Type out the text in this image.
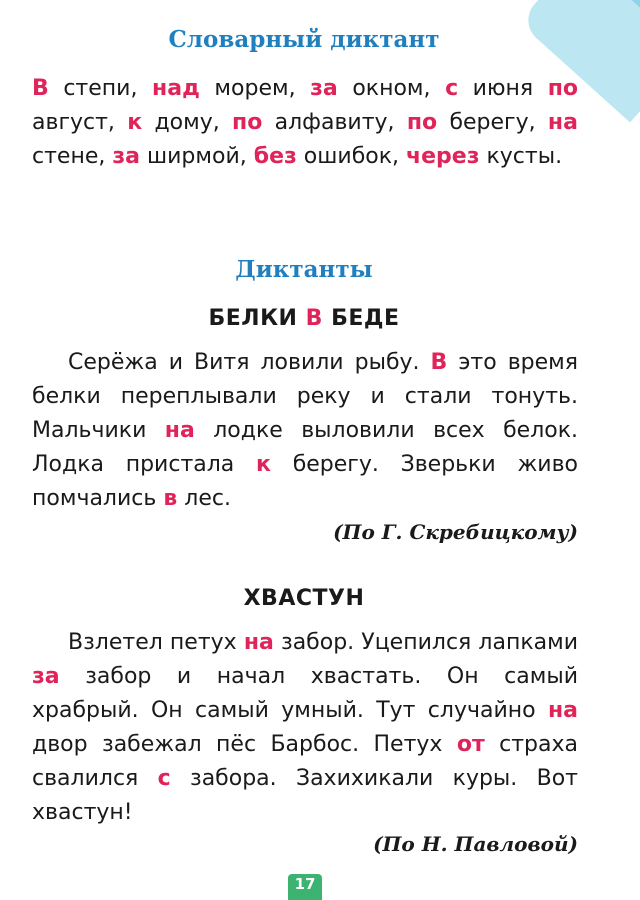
Словарный диктант

В степи, над морем, за окном, с июня по август, к дому, по алфавиту, по берегу, на стене, за ширмой, без ошибок, через кусты.

Диктанты
БЕЛКИ В БЕДЕ

Серёжа и Витя ловили рыбу. В это время белки переплывали реку и стали тонуть. Мальчики на лодке выловили всех белок. Лодка пристала к берегу. Зверьки живо помчались в лес.

(По Г. Скребицкому)

ХВАСТУН

Взлетел петух на забор. Уцепился лапками за забор и начал хвастать. Он самый храбрый. Он самый умный. Тут случайно на двор забежал пёс Барбос. Петух от страха свалился с забора. Захихикали куры. Вот хвастун!

(По Н. Павловой)

17
